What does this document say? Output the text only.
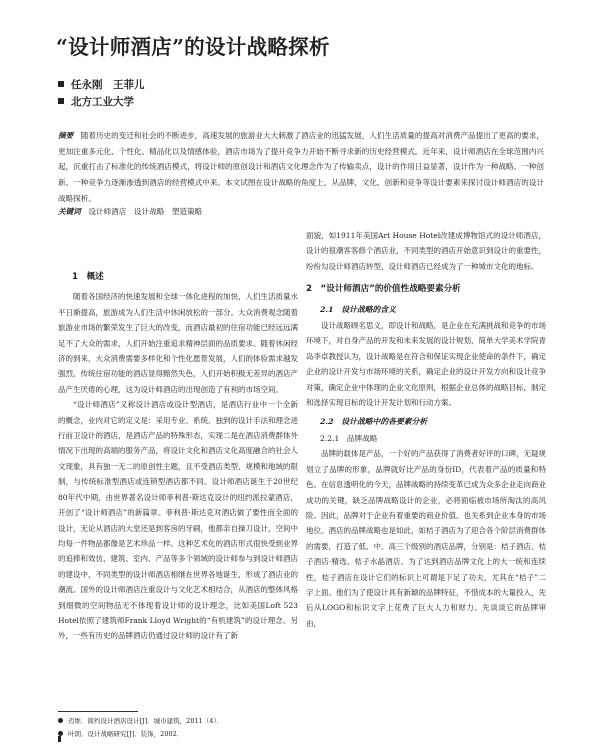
“设计师酒店”的设计战略探析
任永刚　王菲儿
北方工业大学
摘要　 随着历史的变迁和社会的不断进步，高速发展的旅游业大大刺激了酒店业的迅猛发展，人们生活质量的提高对消费产品提出了更高的要求，更加注重多元化、个性化、精品化以及情感体验，酒店市场为了提升竞争力开始不断寻求新的历史经营模式。近年来，设计师酒店在全球范围内兴起，沉重打击了标准化的传统酒店模式，将设计师的原创设计和酒店文化理念作为了传输卖点，设计的作用日益显著，设计作为一种战略、一种创新、一种竞争力逐渐渗透到酒店的经营模式中来。本文试图在设计战略的角度上，从品牌、文化、创新和竞争等设计要素来探讨设计师酒店的设计战略探析。
关键词　 设计师酒店　设计战略　塑造策略
1　概述

随着各国经济的快速发展和全球一体化进程的加快，人们生活质量水平日渐提高，旅游成为人们生活中休闲放松的一部分。大众消费观念随着旅游业市场的繁荣发生了巨大的改变，而酒店最初的住宿功能已经远远满足不了大众的需求，人们开始注重追求精神层面的品质要求。随着休闲经济的到来，大众消费需要多样化和个性化愿景发展，人们的体验需求越发强烈，传统住宿功能的酒店显得黯然失色，人们开始积极无差异的酒店产品产生厌倦的心理，这为设计师酒店的出现创造了有利的市场空间。

“设计师酒店”又称设计酒店或设计型酒店，是酒店行业中一个全新的概念，业内对它的定义是：采用专业、系统、独到的设计手法和理念进行前卫设计的酒店，是酒店产品的特殊形态，实现二是在酒店消费群体外情况下出现的高端的服务产品，将设计文化和酒店文化高度融合的社会人文现象，具有独一无二的原创性主题，且不受酒店类型、规模和地域的限制，与传统标准型酒店或连锁型酒店都不同。设计师酒店诞生于20世纪80年代中期，由世界著名设计师菲利普·斯达克设计的纽约派拉蒙酒店，开创了“设计师酒店”的新篇章。菲利普·斯达克对酒店做了要性而全面的设计，无论从酒店的大堂还是到客房的牙刷，他都亲自操刀设计，空间中均每一件物品都像是艺术珍品一样。这种艺术化的酒店形式很快受到业界的追捧和效仿，建筑、室内、产品等多个领域的设计师参与到设计师酒店的建设中，不同类型的设计师酒店相继在世界各地诞生，形成了酒店业的潮流。国外的设计师酒店注重设计与文化艺术相结合，从酒店的整体风格到细微的空间物品无不体现着设计师的设计理念，比如美国Loft 523 Hotel依照了建筑师Frank Lloyd Wright的“有机建筑”的设计理念。另外，一些有历史的品牌酒店仍通过设计师的设计有了新

面貌，如1911年美国Art House Hotel改建成博物馆式的设计师酒店，设计的很潮客客修个酒店业，不同类型的酒店开始意识到设计的重要性，纷纷勾设计师酒店转型，设计师酒店已经成为了一种城市文化的地标。

2　“设计师酒店”的价值性战略要素分析
2.1　设计战略的含义

设计战略顾名思义，即设计和战略，是企业在充满挑战和竞争的市场环境下，对自身产品的开发和未来发展的设计规划，简单大学美术学院青岛李卓教授认为，设计战略是在符合和保证实现企业使命的条件下，确定企业的设计开发与市场环境的关系，确定企业的设计开发方向和设计竞争对策，确定企业中体现的企业文化原则，根据企业总体的战略目标，制定和选择实现目标的设计开发计划和行动方案。

2.2　设计战略中的各要素分析
2.2.1　品牌战略

品牌的载体是产品，一个好的产品获得了消费者好评的口碑，无疑规划立了品牌的形象，品牌就好比产品的身份ID，代表着产品的质量和特色。在信息透明化的今天，品牌战略的持续变革已成为众多企业走向商业成功的关键，缺乏品牌战略设计的企业，必将面临被市场所淘汰的高风险。因此，品牌对于企业有着重要的商业价值。也关系到企业本身的市场地位。酒店的品牌战略也是如此，如桔子酒店为了迎合各个阶层消费群体的需要，打造了低、中、高三个级别的酒店品牌，分别是：桔子酒店、桔子酒店·精选、桔子水晶酒店。为了达到酒店品牌文化上的大一统和连续性，桔子酒店在设计它们的标识上可谓是下足了功夫，尤其在“桔子”二字上面。他们为了使设计具有新颖的品牌特征，不惜成本的大量投入，先后从LOGO和标识文字上花费了巨大人力和财力。先谈谈它的品牌审由，

迈维．简约设计酒店设计[J]．城市建筑，2011（4）．
叶朗．设计战略研究[J]．装饰，2002．
